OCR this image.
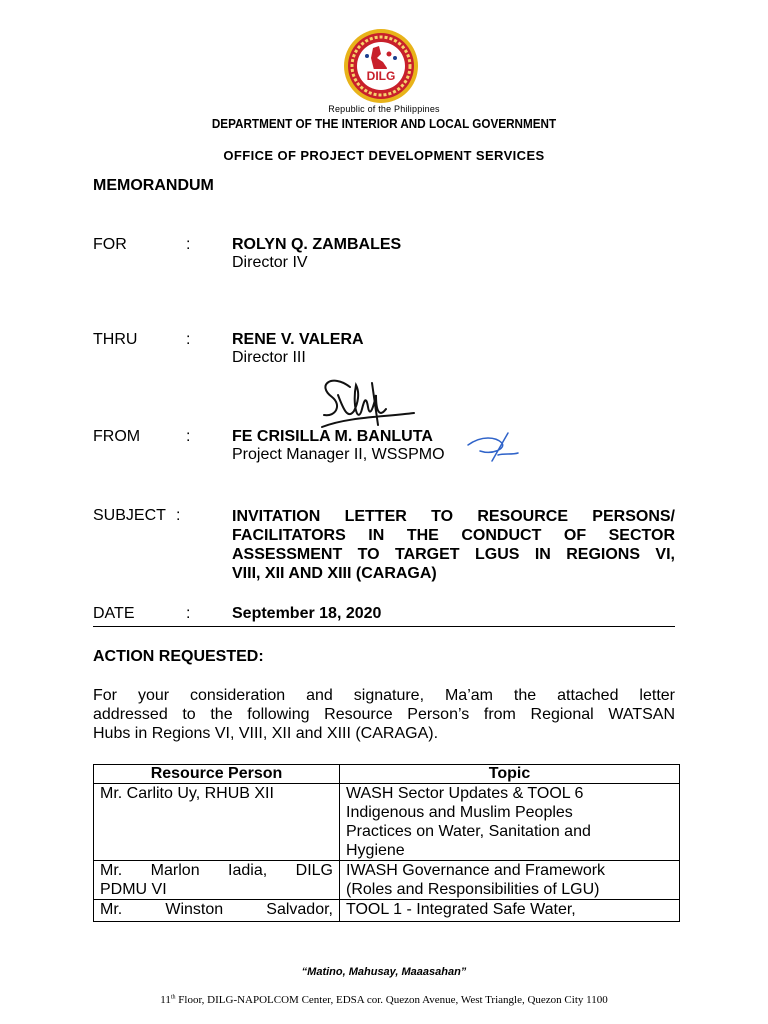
DILG
Republic of the Philippines
DEPARTMENT OF THE INTERIOR AND LOCAL GOVERNMENT
OFFICE OF PROJECT DEVELOPMENT SERVICES
MEMORANDUM
FOR	:	ROLYN Q. ZAMBALES
Director IV
THRU	:	RENE V. VALERA
Director III
FROM	:	FE CRISILLA M. BANLUTA
Project Manager II, WSSPMO
SUBJECT :	INVITATION LETTER TO RESOURCE PERSONS/
FACILITATORS IN THE CONDUCT OF SECTOR
ASSESSMENT TO TARGET LGUS IN REGIONS VI,
VIII, XII AND XIII (CARAGA)
DATE	:	September 18, 2020
ACTION REQUESTED:
For your consideration and signature, Ma’am the attached letter
addressed to the following Resource Person’s from Regional WATSAN
Hubs in Regions VI, VIII, XII and XIII (CARAGA).
Resource Person	Topic
Mr. Carlito Uy, RHUB XII	WASH Sector Updates & TOOL 6
Indigenous and Muslim Peoples
Practices on Water, Sanitation and
Hygiene

Mr. Marlon Iadia, DILG
PDMU VI	IWASH Governance and Framework
(Roles and Responsibilities of LGU)

Mr. Winston Salvador,	TOOL 1 - Integrated Safe Water,
“Matino, Mahusay, Maaasahan”
11th Floor, DILG-NAPOLCOM Center, EDSA cor. Quezon Avenue, West Triangle, Quezon City 1100
